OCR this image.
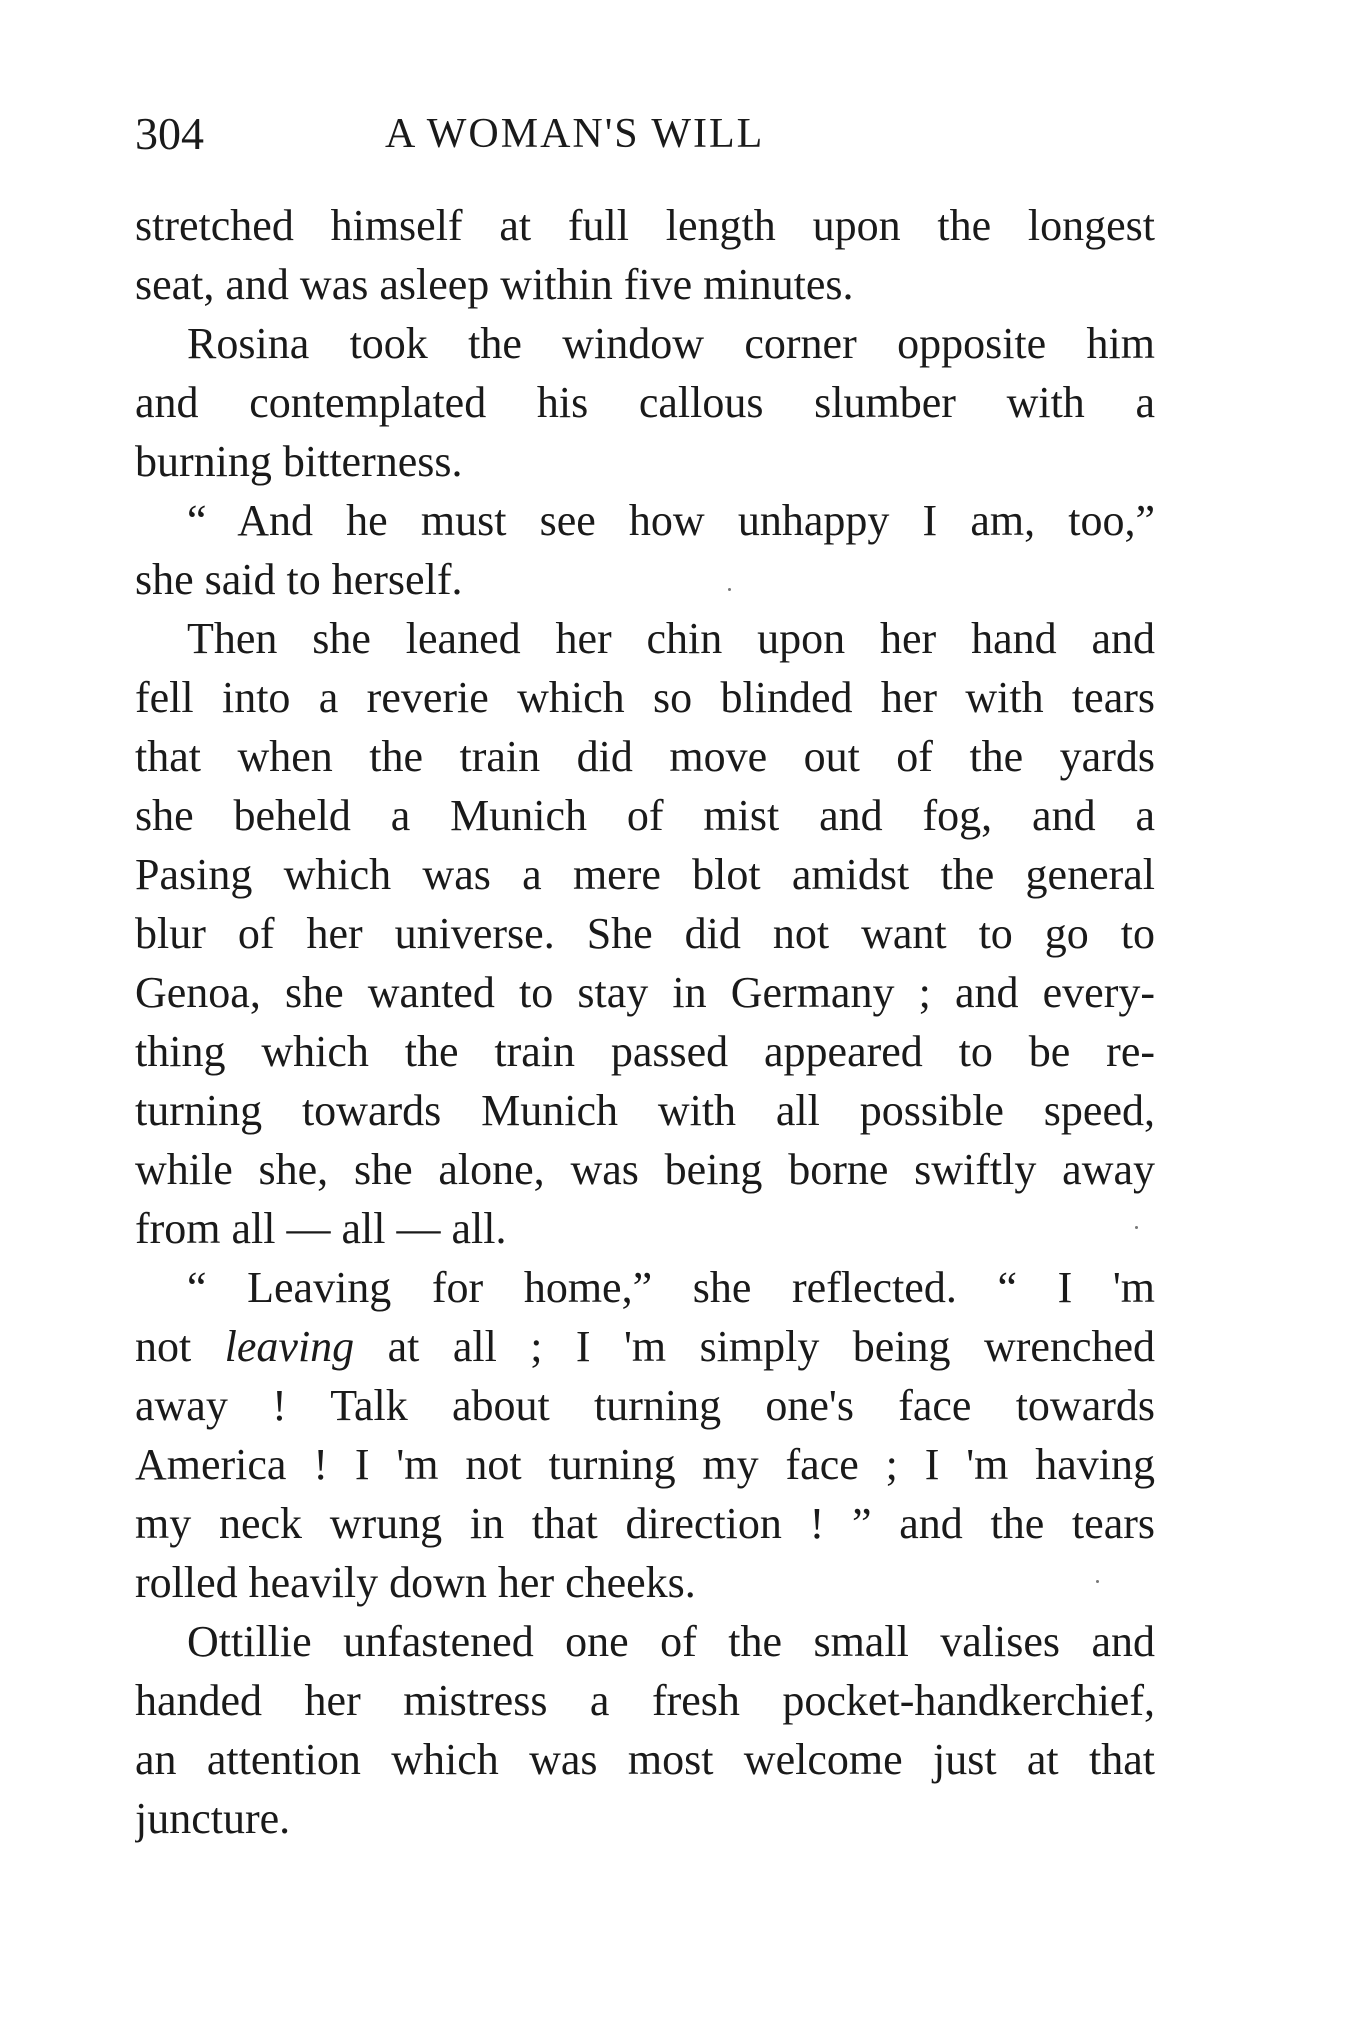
304	A WOMAN'S WILL
stretched himself at full length upon the longest
seat, and was asleep within five minutes.
Rosina took the window corner opposite him
and contemplated his callous slumber with a
burning bitterness.
“ And he must see how unhappy I am, too,”
she said to herself.
Then she leaned her chin upon her hand and
fell into a reverie which so blinded her with tears
that when the train did move out of the yards
she beheld a Munich of mist and fog, and a
Pasing which was a mere blot amidst the general
blur of her universe. She did not want to go to
Genoa, she wanted to stay in Germany ; and every-
thing which the train passed appeared to be re-
turning towards Munich with all possible speed,
while she, she alone, was being borne swiftly away
from all — all — all.
“ Leaving for home,” she reflected. “ I 'm
not leaving at all ; I 'm simply being wrenched
away ! Talk about turning one's face towards
America ! I 'm not turning my face ; I 'm having
my neck wrung in that direction ! ” and the tears
rolled heavily down her cheeks.
Ottillie unfastened one of the small valises and
handed her mistress a fresh pocket-handkerchief,
an attention which was most welcome just at that
juncture.
